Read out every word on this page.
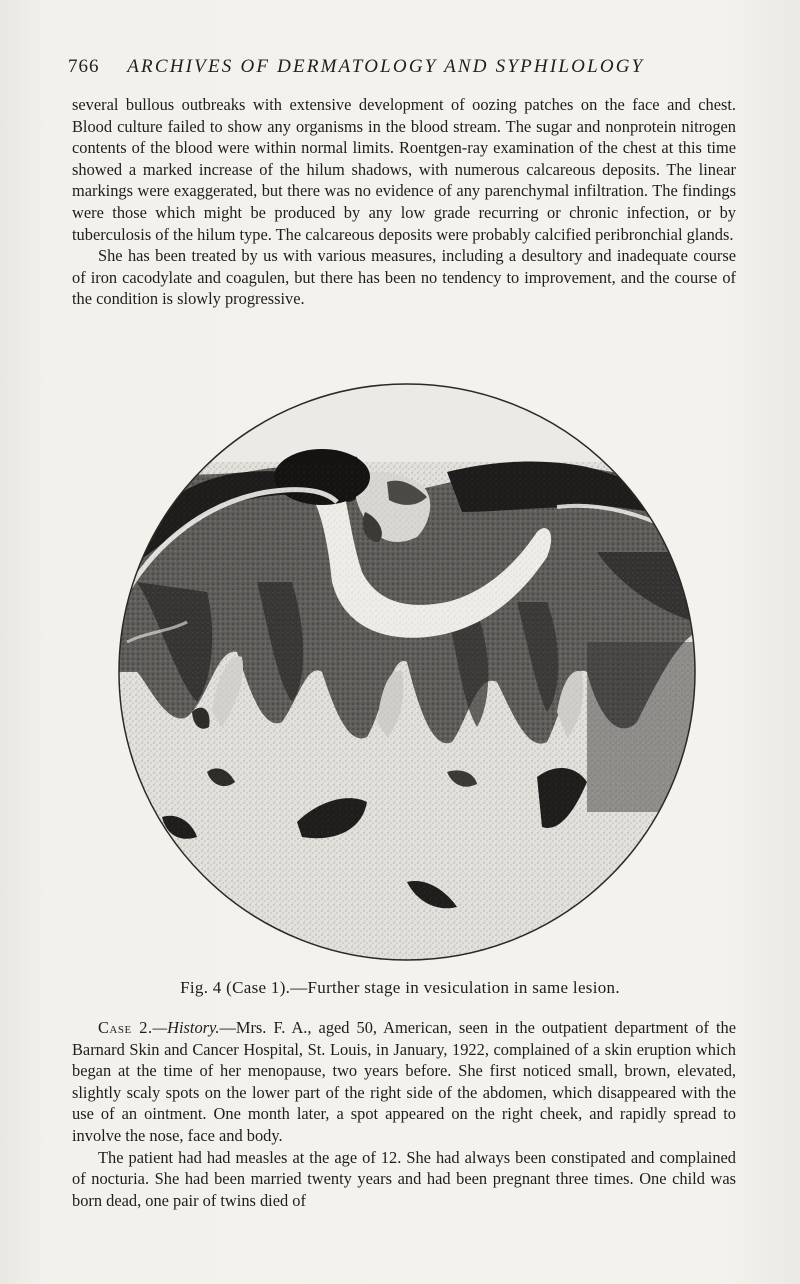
766 ARCHIVES OF DERMATOLOGY AND SYPHILOLOGY

several bullous outbreaks with extensive development of oozing patches on the face and chest. Blood culture failed to show any organisms in the blood stream. The sugar and nonprotein nitrogen contents of the blood were within normal limits. Roentgen-ray examination of the chest at this time showed a marked increase of the hilum shadows, with numerous calcareous deposits. The linear markings were exaggerated, but there was no evidence of any parenchymal infiltration. The findings were those which might be produced by any low grade recurring or chronic infection, or by tuberculosis of the hilum type. The calcareous deposits were probably calcified peribronchial glands.

She has been treated by us with various measures, including a desultory and inadequate course of iron cacodylate and coagulen, but there has been no tendency to improvement, and the course of the condition is slowly progressive.

Fig. 4 (Case 1).—Further stage in vesiculation in same lesion.

Case 2.—History.—Mrs. F. A., aged 50, American, seen in the outpatient department of the Barnard Skin and Cancer Hospital, St. Louis, in January, 1922, complained of a skin eruption which began at the time of her menopause, two years before. She first noticed small, brown, elevated, slightly scaly spots on the lower part of the right side of the abdomen, which disappeared with the use of an ointment. One month later, a spot appeared on the right cheek, and rapidly spread to involve the nose, face and body.

The patient had had measles at the age of 12. She had always been constipated and complained of nocturia. She had been married twenty years and had been pregnant three times. One child was born dead, one pair of twins died of
